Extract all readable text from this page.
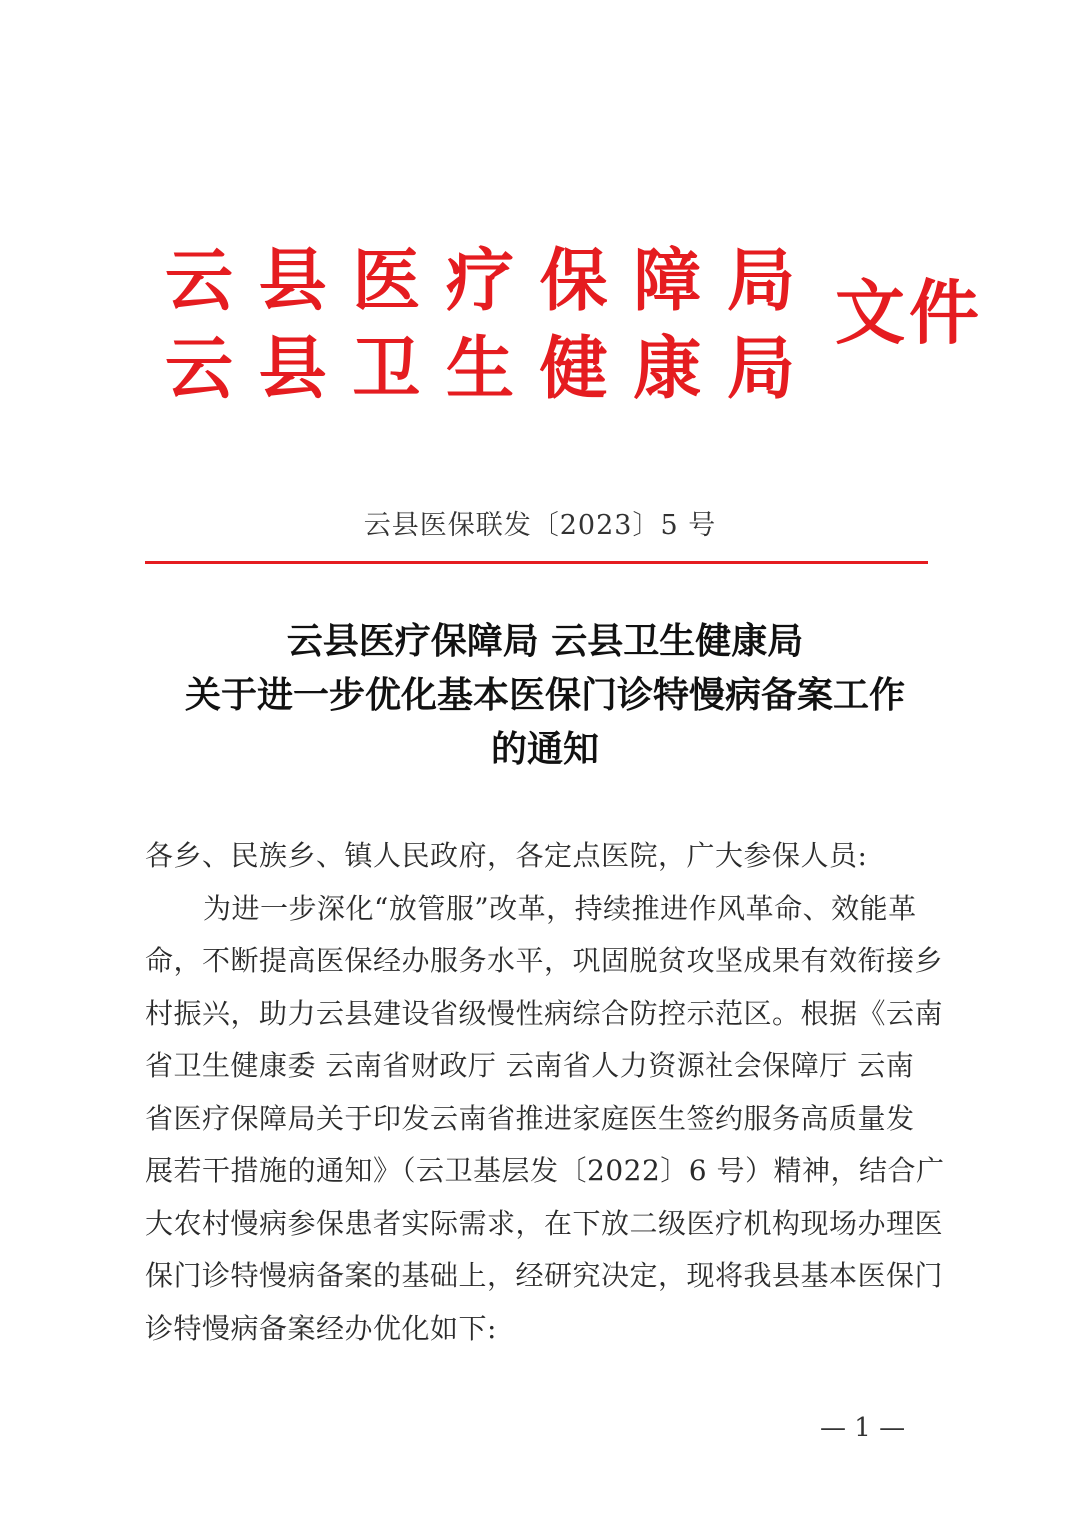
云 县 医 疗 保 障 局
云 县 卫 生 健 康 局
文件
云县医保联发〔2023〕5 号
云县医疗保障局 云县卫生健康局
关于进一步优化基本医保门诊特慢病备案工作
的通知
各乡、民族乡、镇人民政府，各定点医院，广大参保人员:
为进一步深化“放管服”改革，持续推进作风革命、效能革
命，不断提高医保经办服务水平，巩固脱贫攻坚成果有效衔接乡
村振兴，助力云县建设省级慢性病综合防控示范区。根据《云南
省卫生健康委 云南省财政厅 云南省人力资源社会保障厅 云南
省医疗保障局关于印发云南省推进家庭医生签约服务高质量发
展若干措施的通知》（云卫基层发〔2022〕6 号）精神，结合广
大农村慢病参保患者实际需求，在下放二级医疗机构现场办理医
保门诊特慢病备案的基础上，经研究决定，现将我县基本医保门
诊特慢病备案经办优化如下:
— 1 —
